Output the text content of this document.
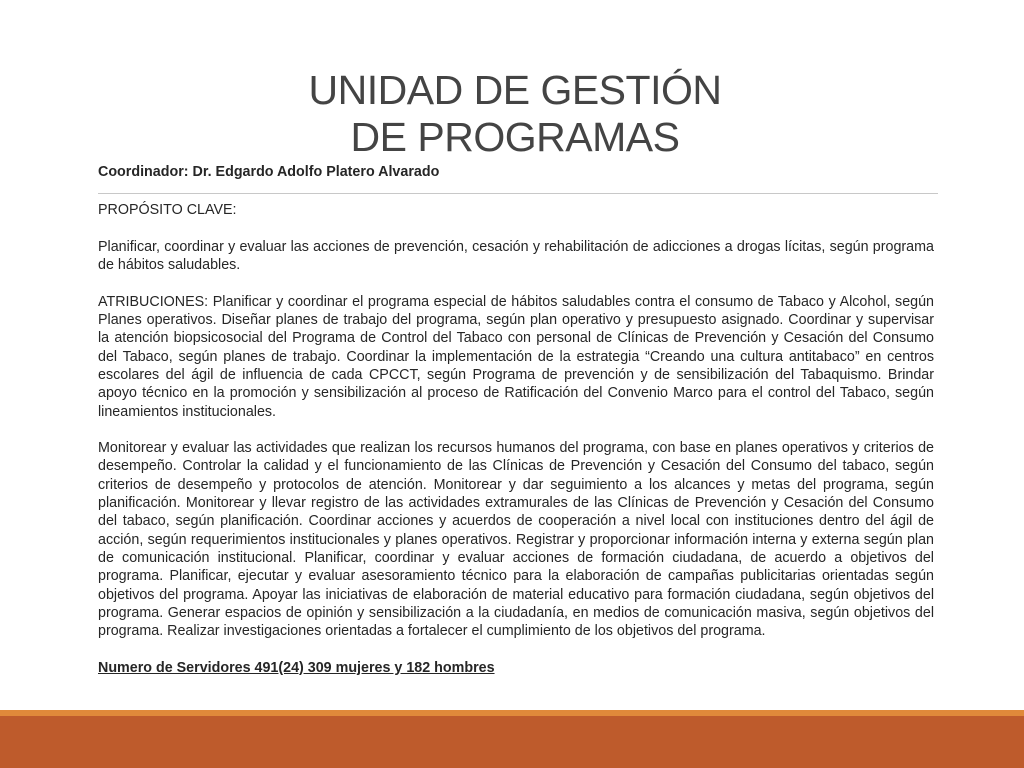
UNIDAD DE GESTIÓN
DE PROGRAMAS

Coordinador: Dr. Edgardo Adolfo Platero Alvarado

PROPÓSITO CLAVE:

Planificar, coordinar y evaluar las acciones de prevención, cesación y rehabilitación de adicciones a drogas lícitas, según programa de hábitos saludables.

ATRIBUCIONES: Planificar y coordinar el programa especial de hábitos saludables contra el consumo de Tabaco y Alcohol, según Planes operativos. Diseñar planes de trabajo del programa, según plan operativo y presupuesto asignado. Coordinar y supervisar la atención biopsicosocial del Programa de Control del Tabaco con personal de Clínicas de Prevención y Cesación del Consumo del Tabaco, según planes de trabajo. Coordinar la implementación de la estrategia “Creando una cultura antitabaco” en centros escolares del ágil de influencia de cada CPCCT, según Programa de prevención y de sensibilización del Tabaquismo. Brindar apoyo técnico en la promoción y sensibilización al proceso de Ratificación del Convenio Marco para el control del Tabaco, según lineamientos institucionales.

Monitorear y evaluar las actividades que realizan los recursos humanos del programa, con base en planes operativos y criterios de desempeño. Controlar la calidad y el funcionamiento de las Clínicas de Prevención y Cesación del Consumo del tabaco, según criterios de desempeño y protocolos de atención. Monitorear y dar seguimiento a los alcances y metas del programa, según planificación. Monitorear y llevar registro de las actividades extramurales de las Clínicas de Prevención y Cesación del Consumo del tabaco, según planificación. Coordinar acciones y acuerdos de cooperación a nivel local con instituciones dentro del ágil de acción, según requerimientos institucionales y planes operativos. Registrar y proporcionar información interna y externa según plan de comunicación institucional. Planificar, coordinar y evaluar acciones de formación ciudadana, de acuerdo a objetivos del programa. Planificar, ejecutar y evaluar asesoramiento técnico para la elaboración de campañas publicitarias orientadas según objetivos del programa. Apoyar las iniciativas de elaboración de material educativo para formación ciudadana, según objetivos del programa. Generar espacios de opinión y sensibilización a la ciudadanía, en medios de comunicación masiva, según objetivos del programa. Realizar investigaciones orientadas a fortalecer el cumplimiento de los objetivos del programa.

Numero de Servidores 491(24) 309 mujeres y 182 hombres
